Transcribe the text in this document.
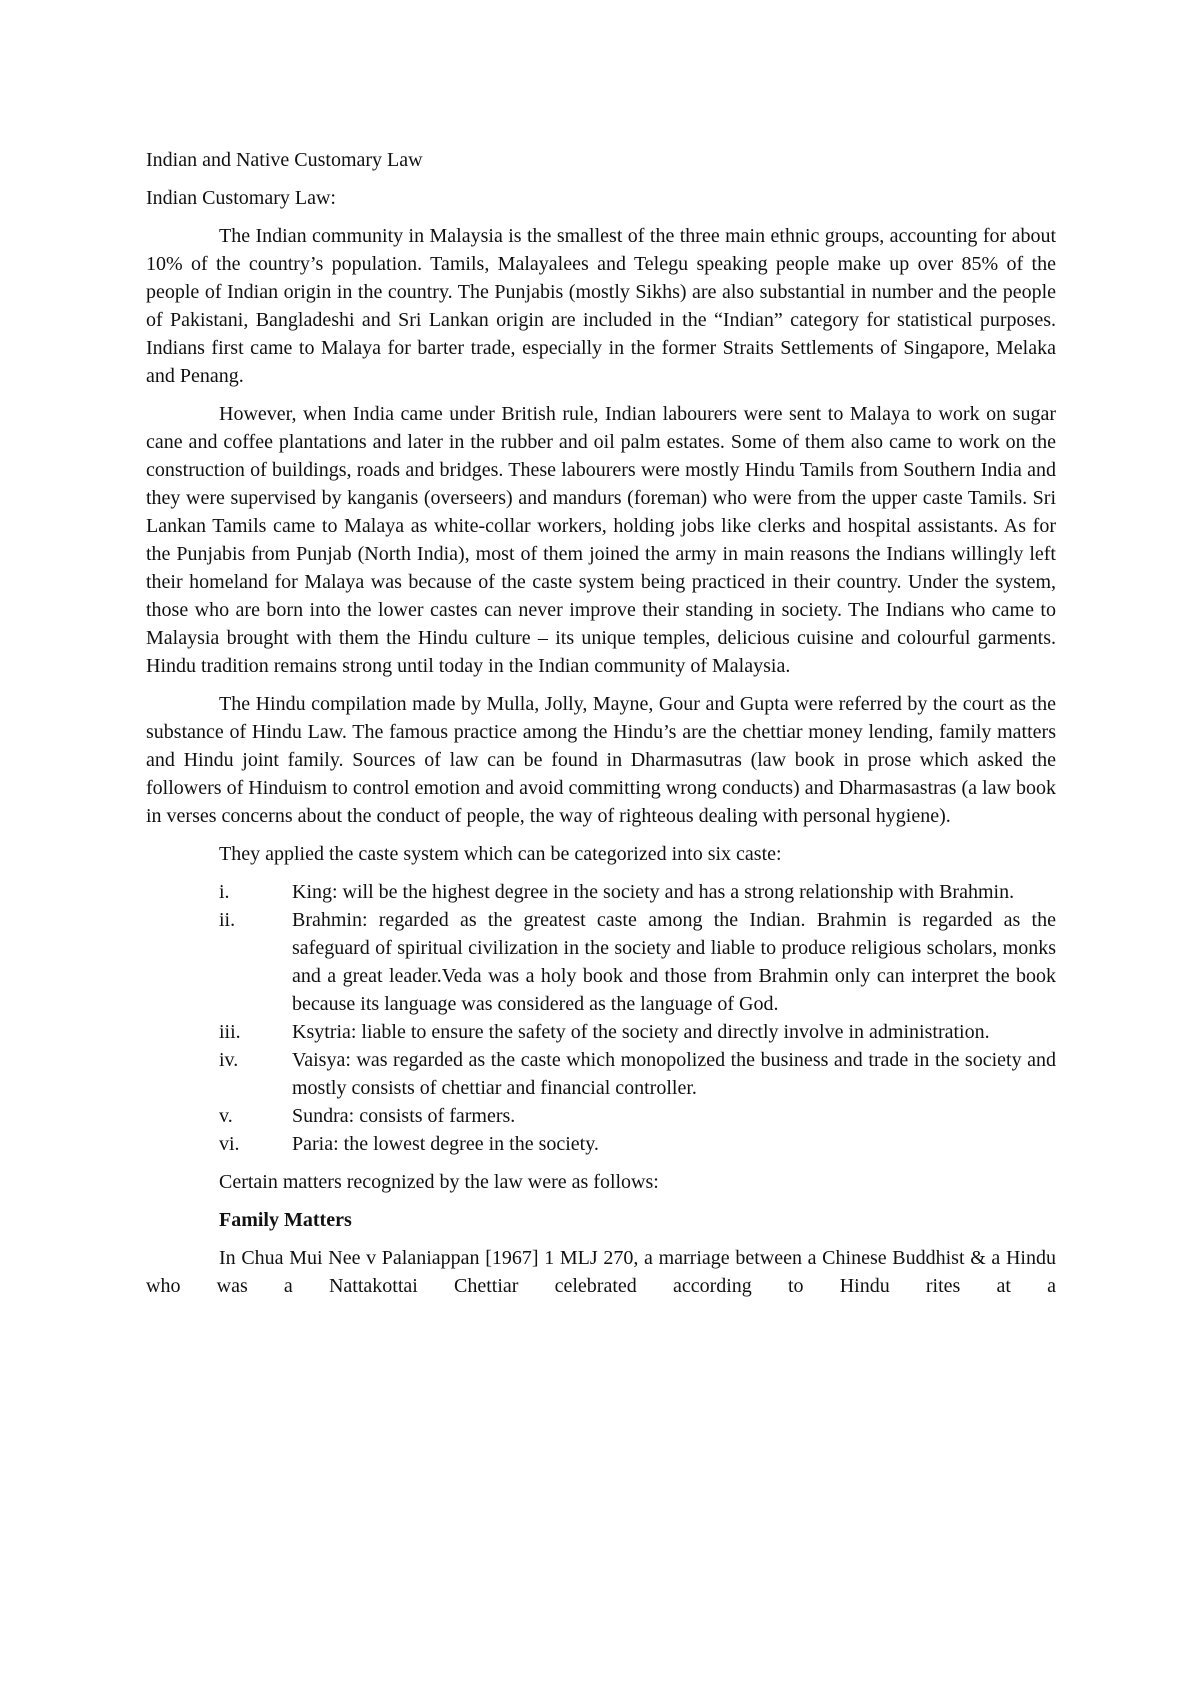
Indian and Native Customary Law

Indian Customary Law:

The Indian community in Malaysia is the smallest of the three main ethnic groups, accounting for about 10% of the country’s population. Tamils, Malayalees and Telegu speaking people make up over 85% of the people of Indian origin in the country. The Punjabis (mostly Sikhs) are also substantial in number and the people of Pakistani, Bangladeshi and Sri Lankan origin are included in the “Indian” category for statistical purposes. Indians first came to Malaya for barter trade, especially in the former Straits Settlements of Singapore, Melaka and Penang.

However, when India came under British rule, Indian labourers were sent to Malaya to work on sugar cane and coffee plantations and later in the rubber and oil palm estates. Some of them also came to work on the construction of buildings, roads and bridges. These labourers were mostly Hindu Tamils from Southern India and they were supervised by kanganis (overseers) and mandurs (foreman) who were from the upper caste Tamils. Sri Lankan Tamils came to Malaya as white-collar workers, holding jobs like clerks and hospital assistants. As for the Punjabis from Punjab (North India), most of them joined the army in main reasons the Indians willingly left their homeland for Malaya was because of the caste system being practiced in their country. Under the system, those who are born into the lower castes can never improve their standing in society. The Indians who came to Malaysia brought with them the Hindu culture – its unique temples, delicious cuisine and colourful garments. Hindu tradition remains strong until today in the Indian community of Malaysia.

The Hindu compilation made by Mulla, Jolly, Mayne, Gour and Gupta were referred by the court as the substance of Hindu Law. The famous practice among the Hindu’s are the chettiar money lending, family matters and Hindu joint family. Sources of law can be found in Dharmasutras (law book in prose which asked the followers of Hinduism to control emotion and avoid committing wrong conducts) and Dharmasastras (a law book in verses concerns about the conduct of people, the way of righteous dealing with personal hygiene).

They applied the caste system which can be categorized into six caste:

i.	King: will be the highest degree in the society and has a strong relationship with Brahmin.
ii.	Brahmin: regarded as the greatest caste among the Indian. Brahmin is regarded as the safeguard of spiritual civilization in the society and liable to produce religious scholars, monks and a great leader.Veda was a holy book and those from Brahmin only can interpret the book because its language was considered as the language of God.
iii.	Ksytria: liable to ensure the safety of the society and directly involve in administration.
iv.	Vaisya: was regarded as the caste which monopolized the business and trade in the society and mostly consists of chettiar and financial controller.
v.	Sundra: consists of farmers.
vi.	Paria: the lowest degree in the society.

Certain matters recognized by the law were as follows:

Family Matters

In Chua Mui Nee v Palaniappan [1967] 1 MLJ 270, a marriage between a Chinese Buddhist & a Hindu who was a Nattakottai Chettiar celebrated according to Hindu rites at a
